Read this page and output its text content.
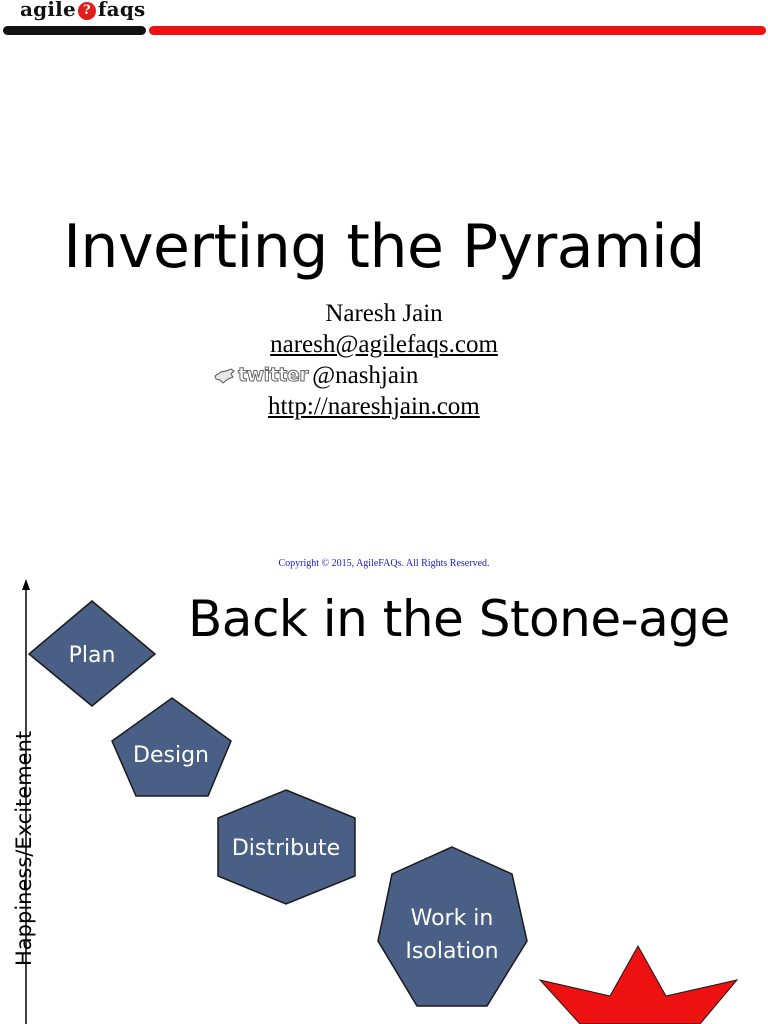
agile ? faqs
Inverting the Pyramid
Naresh Jain
naresh@agilefaqs.com
twitter @nashjain
http://nareshjain.com
Copyright © 2015, AgileFAQs. All Rights Reserved.
Plan
Design
Distribute
Work in
Isolation
Back in the Stone-age
Happiness/Excitement
